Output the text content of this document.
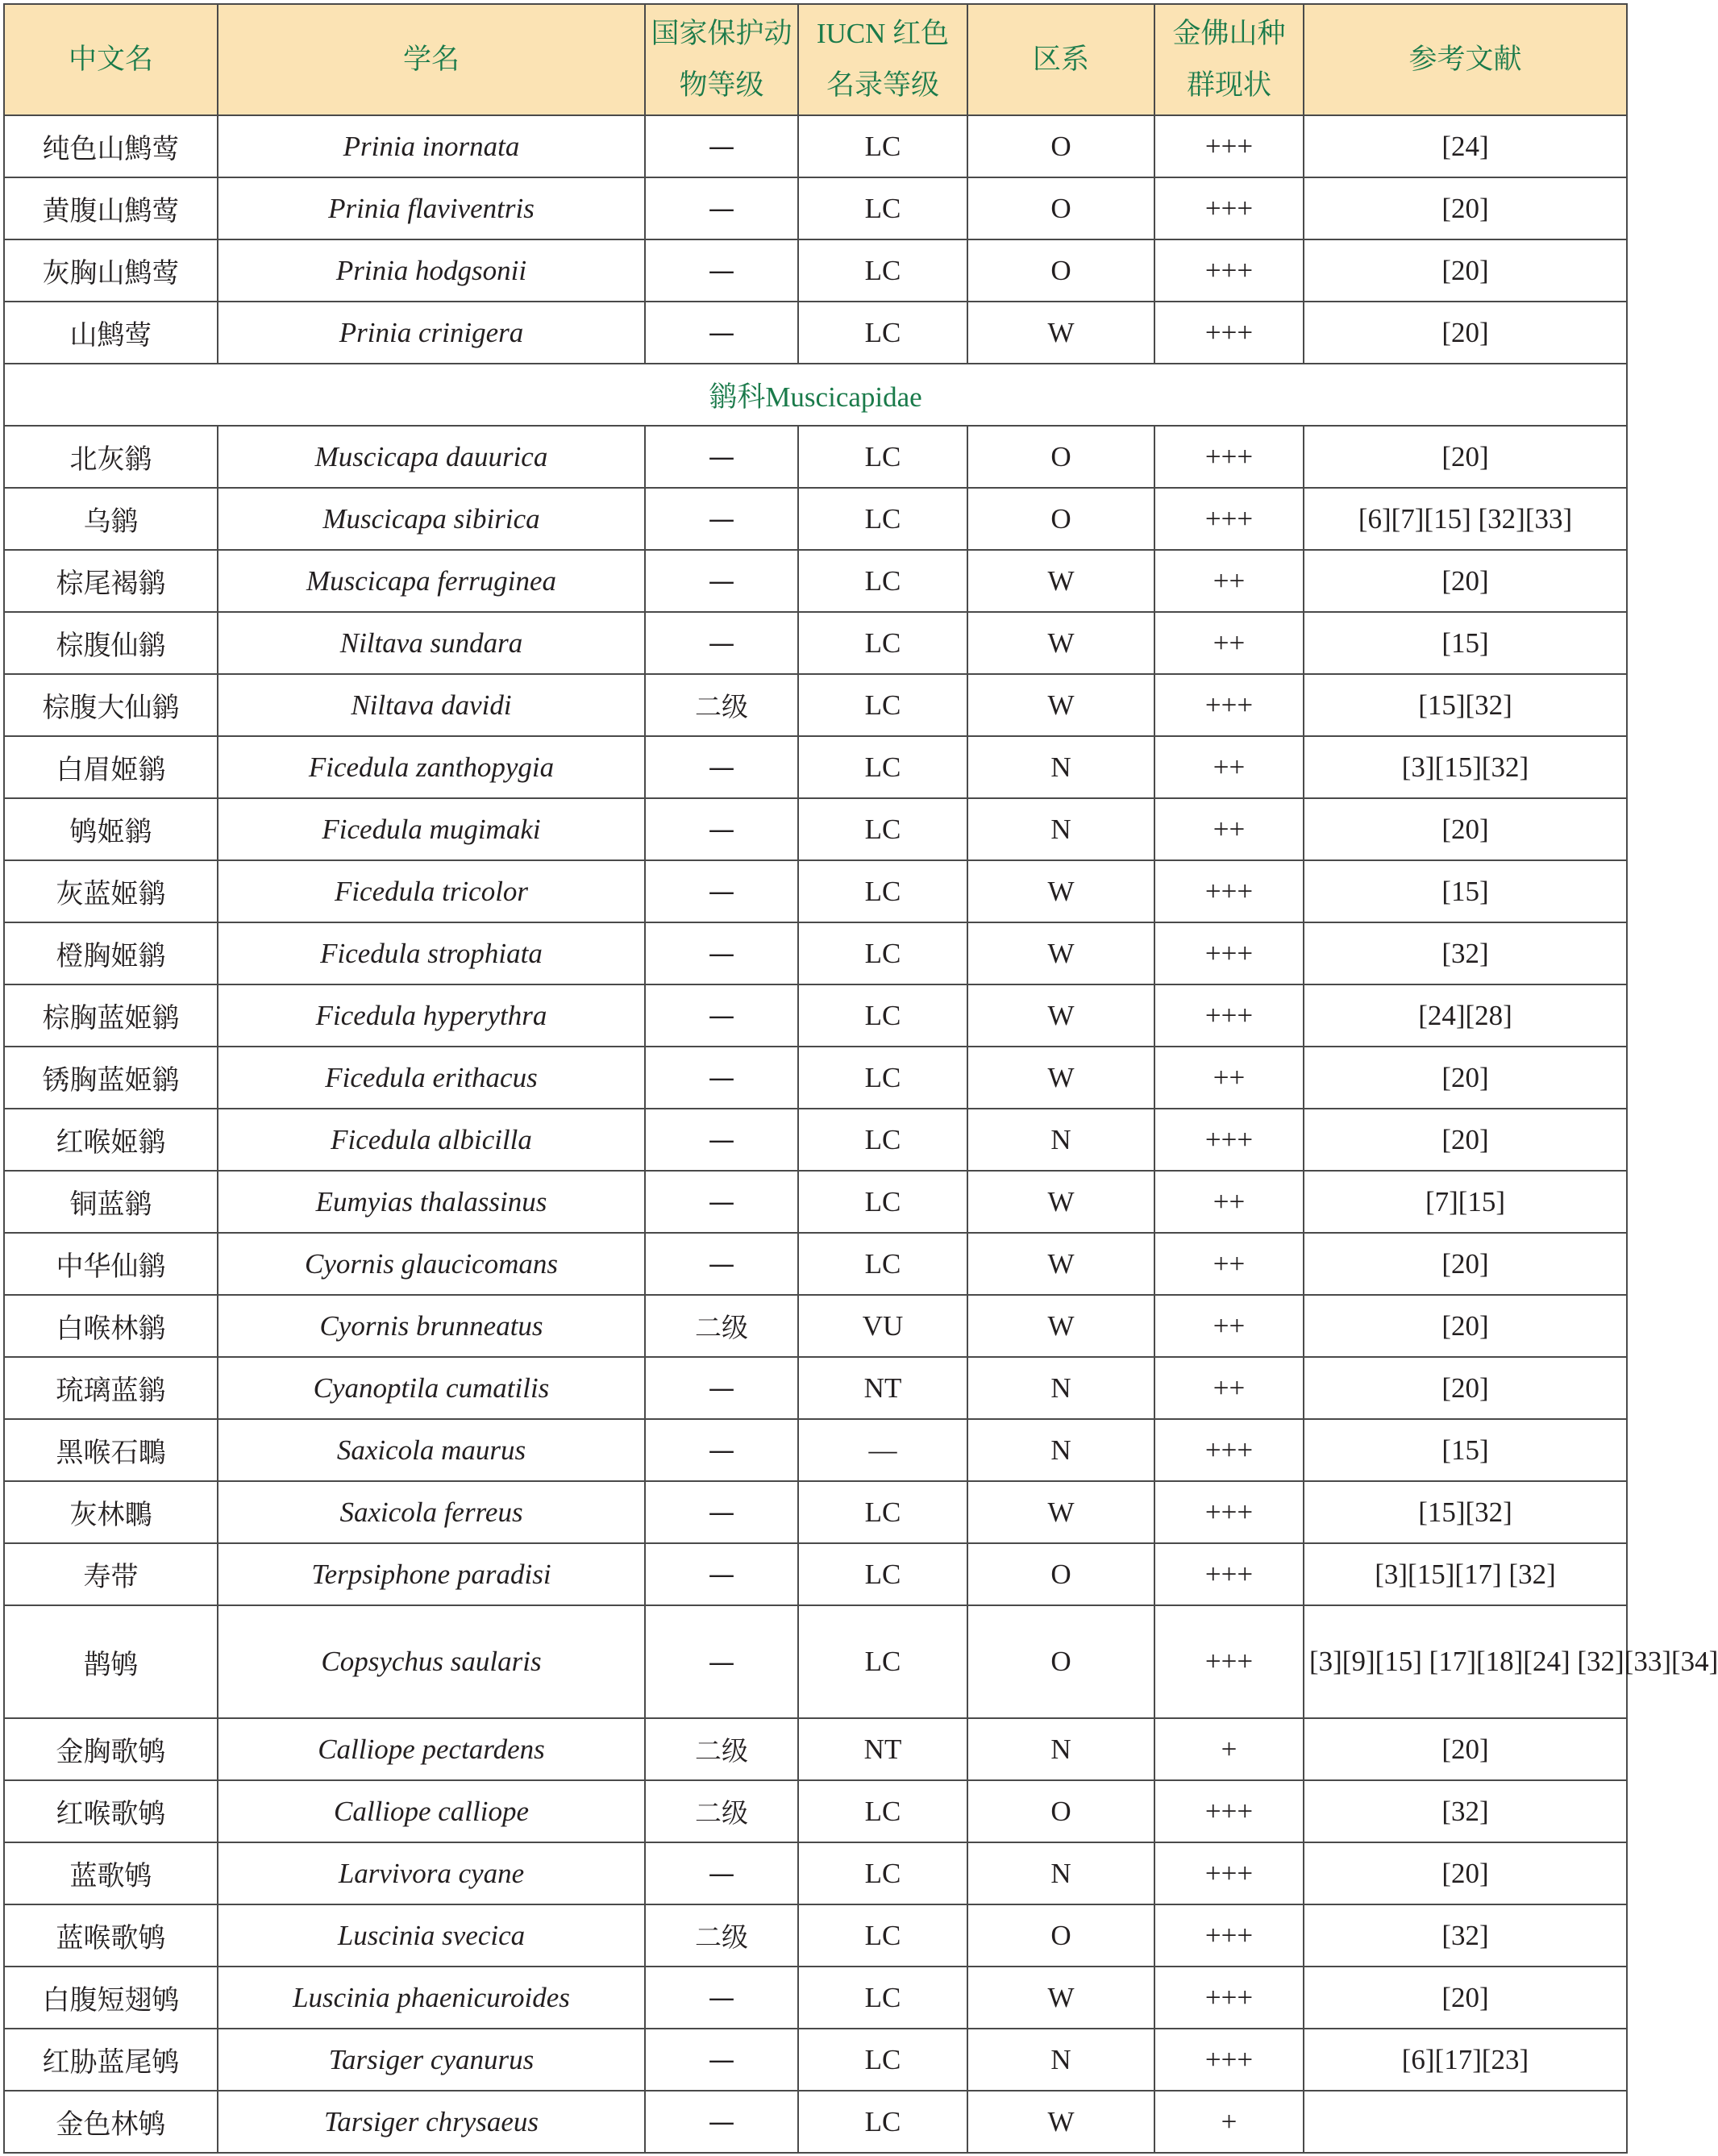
中文名	学名	国家保护动物等级	IUCN 红色名录等级	区系	金佛山种群现状	参考文献
纯色山鹪莺	Prinia inornata	—	LC	O	+++	[24]
黄腹山鹪莺	Prinia flaviventris	—	LC	O	+++	[20]
灰胸山鹪莺	Prinia hodgsonii	—	LC	O	+++	[20]
山鹪莺	Prinia crinigera	—	LC	W	+++	[20]
鹟科Muscicapidae						
北灰鹟	Muscicapa dauurica	—	LC	O	+++	[20]
乌鹟	Muscicapa sibirica	—	LC	O	+++	[6][7][15] [32][33]
棕尾褐鹟	Muscicapa ferruginea	—	LC	W	++	[20]
棕腹仙鹟	Niltava sundara	—	LC	W	++	[15]
棕腹大仙鹟	Niltava davidi	二级	LC	W	+++	[15][32]
白眉姬鹟	Ficedula zanthopygia	—	LC	N	++	[3][15][32]
鸲姬鹟	Ficedula mugimaki	—	LC	N	++	[20]
灰蓝姬鹟	Ficedula tricolor	—	LC	W	+++	[15]
橙胸姬鹟	Ficedula strophiata	—	LC	W	+++	[32]
棕胸蓝姬鹟	Ficedula hyperythra	—	LC	W	+++	[24][28]
锈胸蓝姬鹟	Ficedula erithacus	—	LC	W	++	[20]
红喉姬鹟	Ficedula albicilla	—	LC	N	+++	[20]
铜蓝鹟	Eumyias thalassinus	—	LC	W	++	[7][15]
中华仙鹟	Cyornis glaucicomans	—	LC	W	++	[20]
白喉林鹟	Cyornis brunneatus	二级	VU	W	++	[20]
琉璃蓝鹟	Cyanoptila cumatilis	—	NT	N	++	[20]
黑喉石䳭	Saxicola maurus	—	—	N	+++	[15]
灰林䳭	Saxicola ferreus	—	LC	W	+++	[15][32]
寿带	Terpsiphone paradisi	—	LC	O	+++	[3][15][17] [32]
鹊鸲	Copsychus saularis	—	LC	O	+++	[3][9][15] [17][18][24] [32][33][34]
金胸歌鸲	Calliope pectardens	二级	NT	N	+	[20]
红喉歌鸲	Calliope calliope	二级	LC	O	+++	[32]
蓝歌鸲	Larvivora cyane	—	LC	N	+++	[20]
蓝喉歌鸲	Luscinia svecica	二级	LC	O	+++	[32]
白腹短翅鸲	Luscinia phaenicuroides	—	LC	W	+++	[20]
红胁蓝尾鸲	Tarsiger cyanurus	—	LC	N	+++	[6][17][23]
金色林鸲	Tarsiger chrysaeus	—	LC	W	+	
